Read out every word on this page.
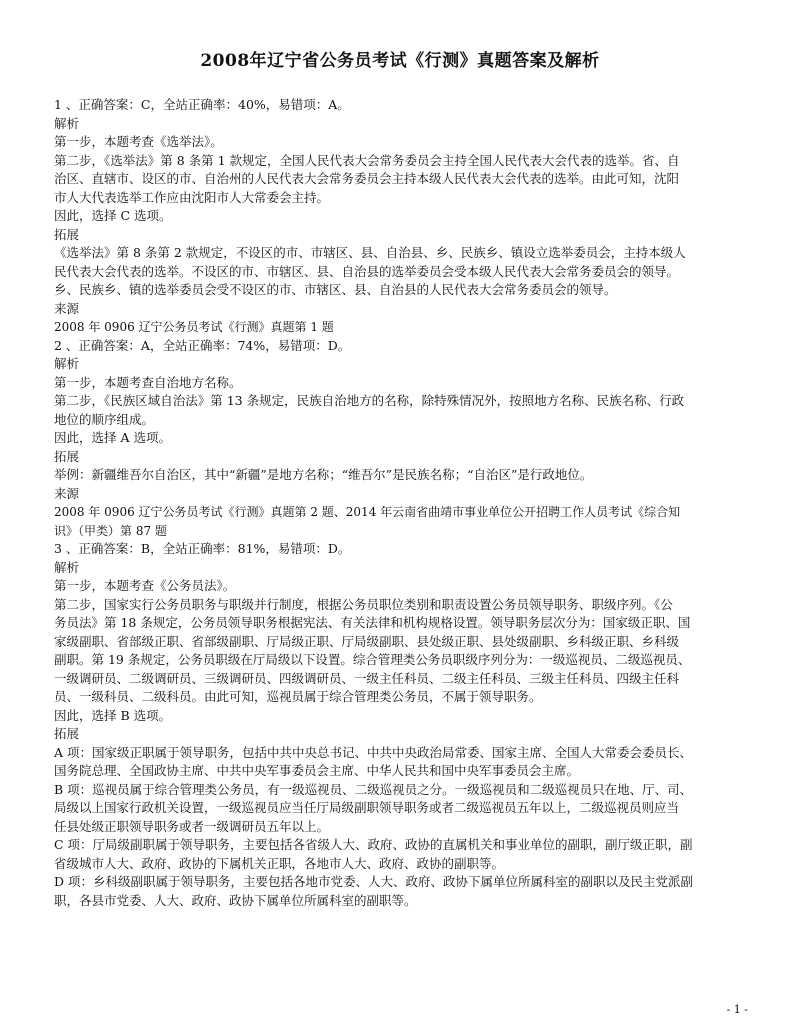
2008年辽宁省公务员考试《行测》真题答案及解析

1 、正确答案：C，全站正确率：40%，易错项：A。

解析

第一步，本题考查《选举法》。

第二步，《选举法》第 8 条第 1 款规定，全国人民代表大会常务委员会主持全国人民代表大会代表的选举。省、自

治区、直辖市、设区的市、自治州的人民代表大会常务委员会主持本级人民代表大会代表的选举。由此可知，沈阳

市人大代表选举工作应由沈阳市人大常委会主持。

因此，选择 C 选项。

拓展

《选举法》第 8 条第 2 款规定，不设区的市、市辖区、县、自治县、乡、民族乡、镇设立选举委员会，主持本级人

民代表大会代表的选举。不设区的市、市辖区、县、自治县的选举委员会受本级人民代表大会常务委员会的领导。

乡、民族乡、镇的选举委员会受不设区的市、市辖区、县、自治县的人民代表大会常务委员会的领导。

来源

2008 年 0906 辽宁公务员考试《行测》真题第 1 题

2 、正确答案：A，全站正确率：74%，易错项：D。

解析

第一步，本题考查自治地方名称。

第二步，《民族区域自治法》第 13 条规定，民族自治地方的名称，除特殊情况外，按照地方名称、民族名称、行政

地位的顺序组成。

因此，选择 A 选项。

拓展

举例：新疆维吾尔自治区，其中“新疆”是地方名称；“维吾尔”是民族名称；“自治区”是行政地位。

来源

2008 年 0906 辽宁公务员考试《行测》真题第 2 题、2014 年云南省曲靖市事业单位公开招聘工作人员考试《综合知

识》（甲类）第 87 题

3 、正确答案：B，全站正确率：81%，易错项：D。

解析

第一步，本题考查《公务员法》。

第二步，国家实行公务员职务与职级并行制度，根据公务员职位类别和职责设置公务员领导职务、职级序列。《公

务员法》第 18 条规定，公务员领导职务根据宪法、有关法律和机构规格设置。领导职务层次分为：国家级正职、国

家级副职、省部级正职、省部级副职、厅局级正职、厅局级副职、县处级正职、县处级副职、乡科级正职、乡科级

副职。第 19 条规定，公务员职级在厅局级以下设置。综合管理类公务员职级序列分为：一级巡视员、二级巡视员、

一级调研员、二级调研员、三级调研员、四级调研员、一级主任科员、二级主任科员、三级主任科员、四级主任科

员、一级科员、二级科员。由此可知，巡视员属于综合管理类公务员，不属于领导职务。

因此，选择 B 选项。

拓展

A 项：国家级正职属于领导职务，包括中共中央总书记、中共中央政治局常委、国家主席、全国人大常委会委员长、

国务院总理、全国政协主席、中共中央军事委员会主席、中华人民共和国中央军事委员会主席。

B 项：巡视员属于综合管理类公务员，有一级巡视员、二级巡视员之分。一级巡视员和二级巡视员只在地、厅、司、

局级以上国家行政机关设置，一级巡视员应当任厅局级副职领导职务或者二级巡视员五年以上，二级巡视员则应当

任县处级正职领导职务或者一级调研员五年以上。

C 项：厅局级副职属于领导职务，主要包括各省级人大、政府、政协的直属机关和事业单位的副职，副厅级正职，副

省级城市人大、政府、政协的下属机关正职，各地市人大、政府、政协的副职等。

D 项：乡科级副职属于领导职务，主要包括各地市党委、人大、政府、政协下属单位所属科室的副职以及民主党派副

职，各县市党委、人大、政府、政协下属单位所属科室的副职等。

- 1 -
